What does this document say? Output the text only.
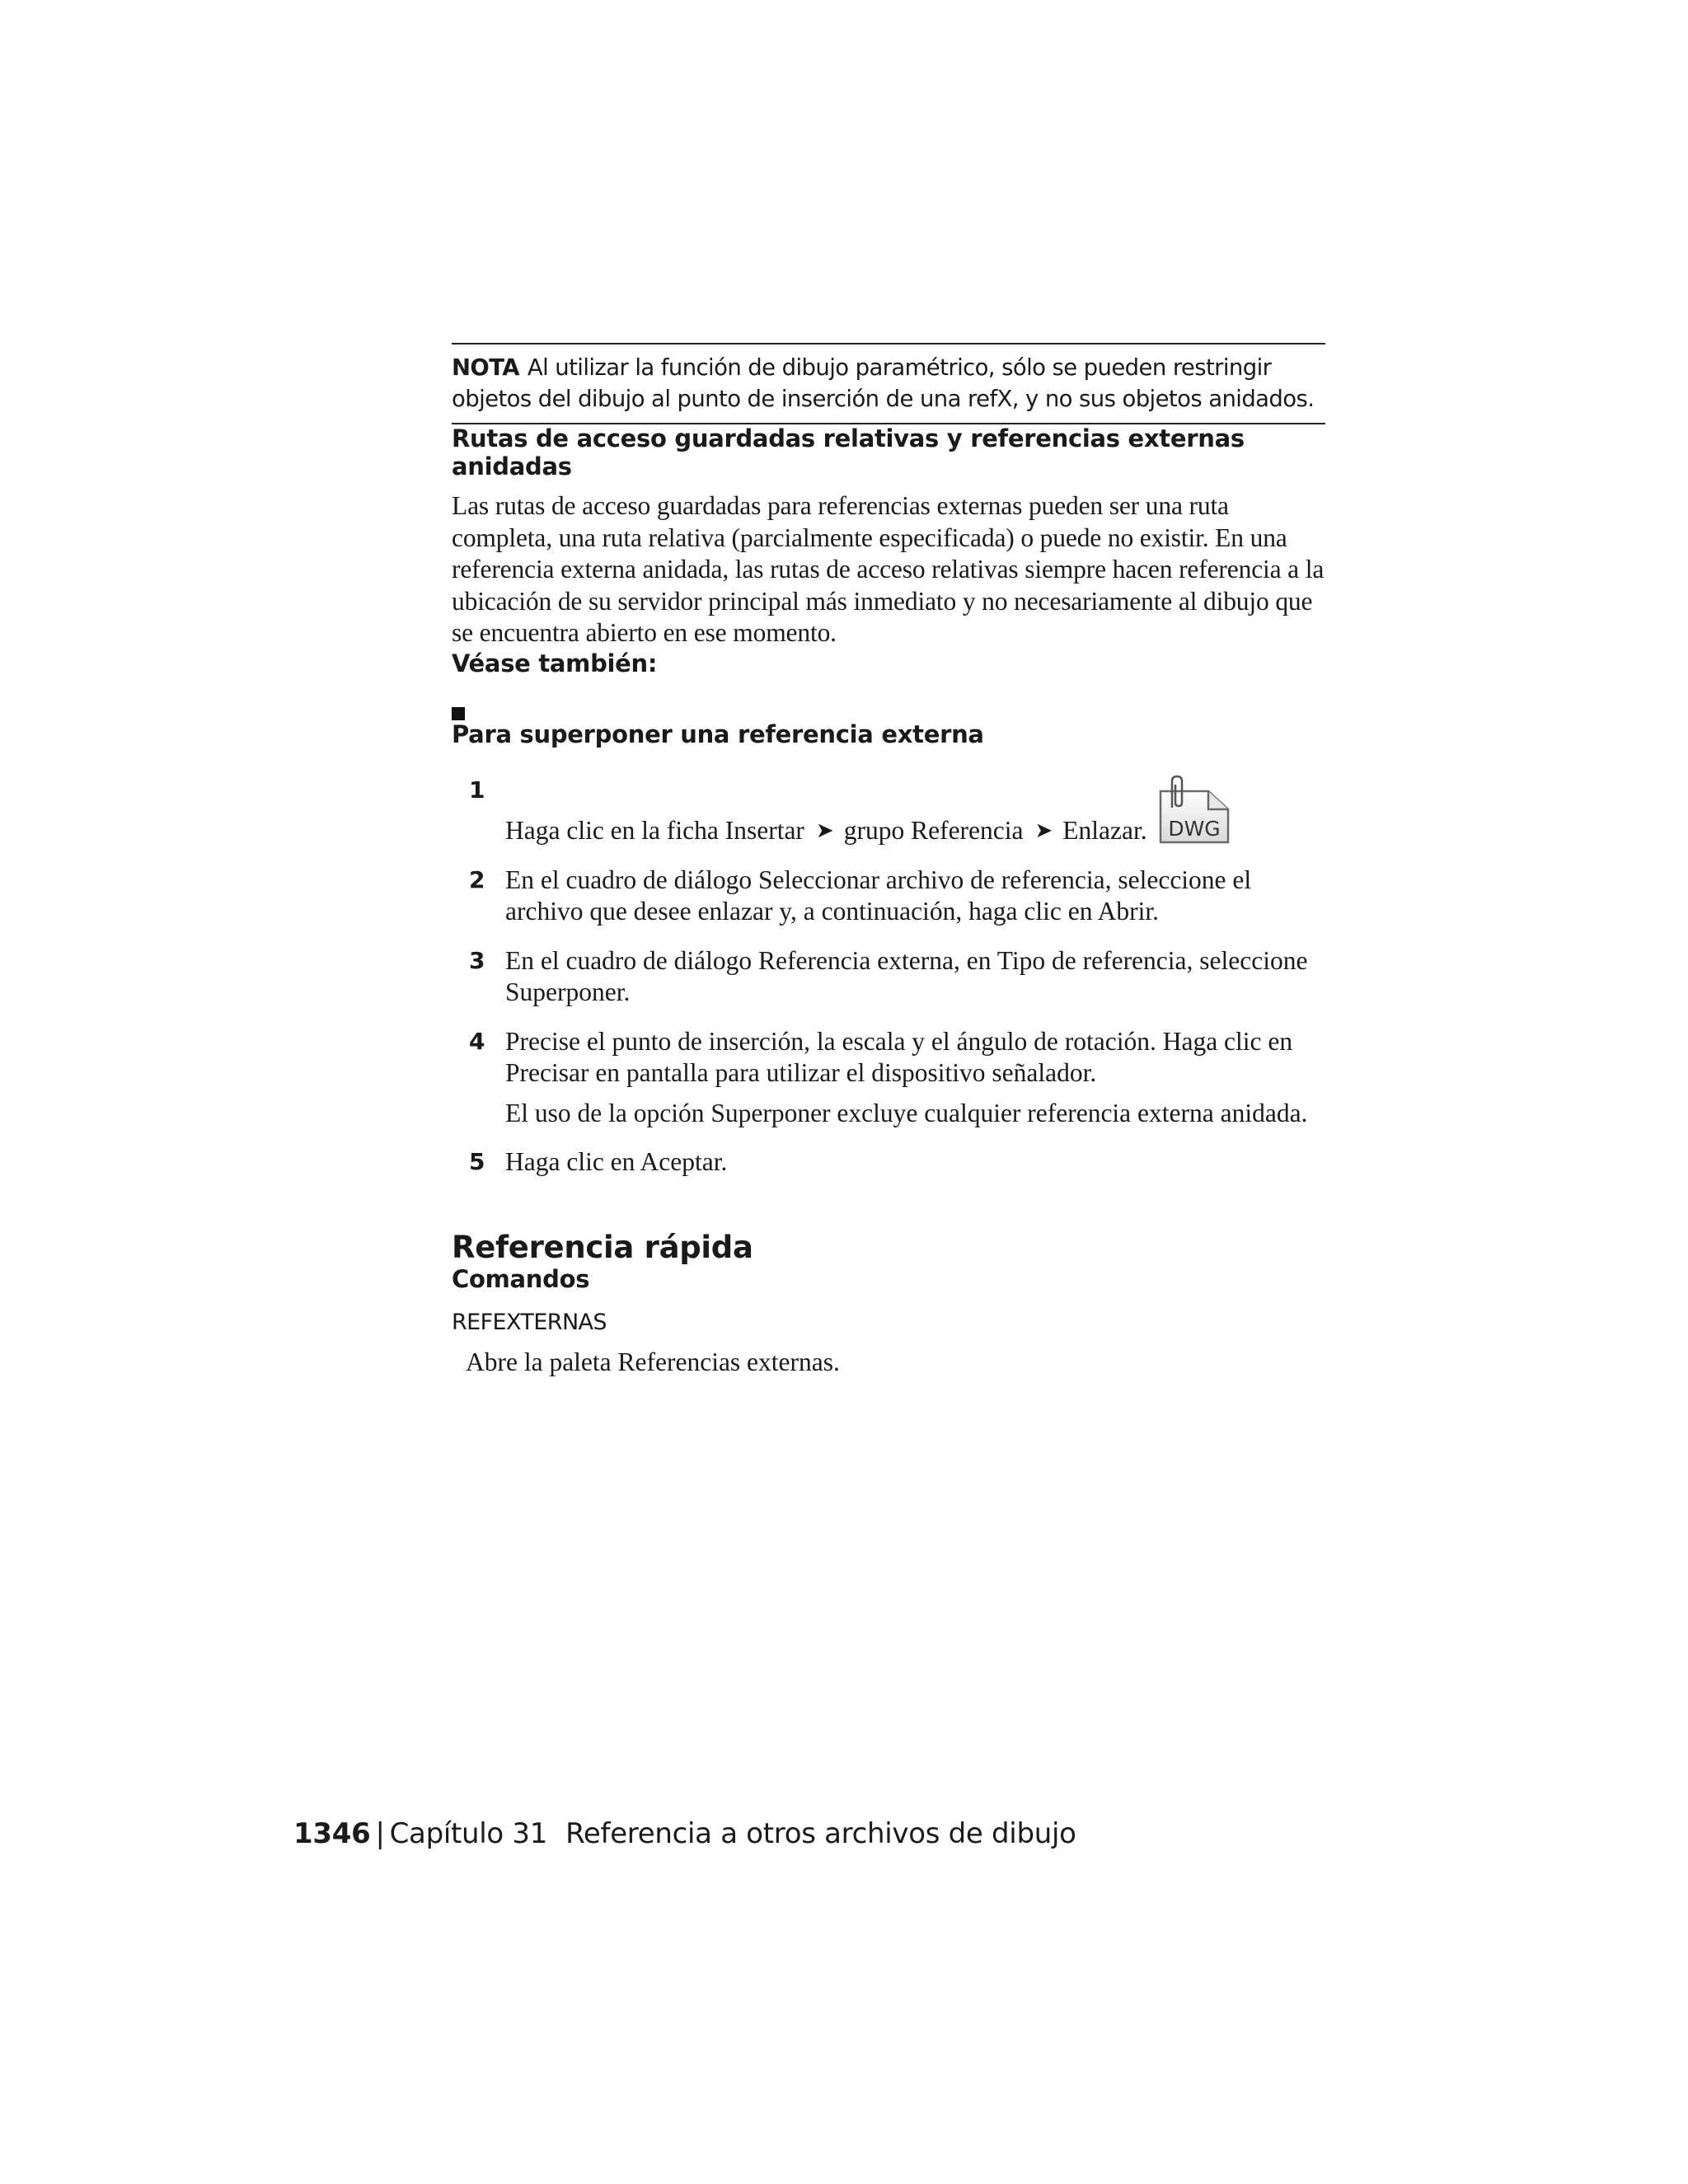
NOTA Al utilizar la función de dibujo paramétrico, sólo se pueden restringir objetos del dibujo al punto de inserción de una refX, y no sus objetos anidados.
Rutas de acceso guardadas relativas y referencias externas anidadas

Las rutas de acceso guardadas para referencias externas pueden ser una ruta completa, una ruta relativa (parcialmente especificada) o puede no existir. En una referencia externa anidada, las rutas de acceso relativas siempre hacen referencia a la ubicación de su servidor principal más inmediato y no necesariamente al dibujo que se encuentra abierto en ese momento.

Véase también:
Para superponer una referencia externa
1
Haga clic en la ficha Insertar ➤ grupo Referencia ➤ Enlazar. DWG
2 En el cuadro de diálogo Seleccionar archivo de referencia, seleccione el archivo que desee enlazar y, a continuación, haga clic en Abrir.
3 En el cuadro de diálogo Referencia externa, en Tipo de referencia, seleccione Superponer.
4 Precise el punto de inserción, la escala y el ángulo de rotación. Haga clic en Precisar en pantalla para utilizar el dispositivo señalador.
El uso de la opción Superponer excluye cualquier referencia externa anidada.
5 Haga clic en Aceptar.
Referencia rápida
Comandos
REFEXTERNAS
Abre la paleta Referencias externas.
1346 | Capítulo 31 Referencia a otros archivos de dibujo
